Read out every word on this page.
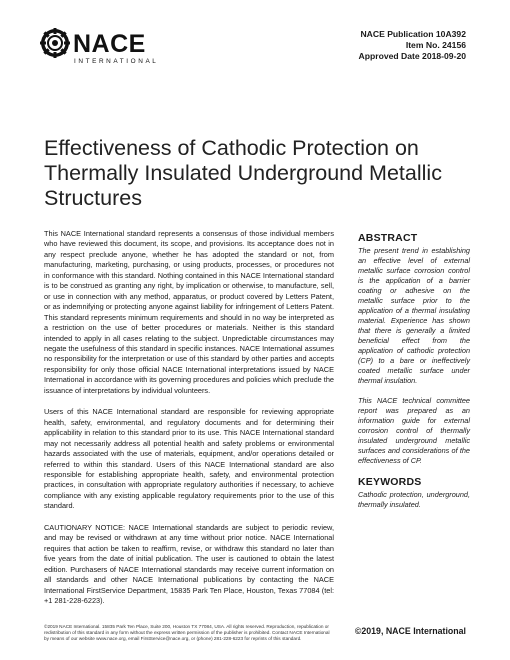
NACE
INTERNATIONAL
NACE Publication 10A392
Item No. 24156
Approved Date 2018-09-20
Effectiveness of Cathodic Protection on Thermally Insulated Underground Metallic Structures

This NACE International standard represents a consensus of those individual members who have reviewed this document, its scope, and provisions. Its acceptance does not in any respect preclude anyone, whether he has adopted the standard or not, from manufacturing, marketing, purchasing, or using products, processes, or procedures not in conformance with this standard. Nothing contained in this NACE International standard is to be construed as granting any right, by implication or otherwise, to manufacture, sell, or use in connection with any method, apparatus, or product covered by Letters Patent, or as indemnifying or protecting anyone against liability for infringement of Letters Patent. This standard represents minimum requirements and should in no way be interpreted as a restriction on the use of better procedures or materials. Neither is this standard intended to apply in all cases relating to the subject. Unpredictable circumstances may negate the usefulness of this standard in specific instances. NACE International assumes no responsibility for the interpretation or use of this standard by other parties and accepts responsibility for only those official NACE International interpretations issued by NACE International in accordance with its governing procedures and policies which preclude the issuance of interpretations by individual volunteers.

Users of this NACE International standard are responsible for reviewing appropriate health, safety, environmental, and regulatory documents and for determining their applicability in relation to this standard prior to its use. This NACE International standard may not necessarily address all potential health and safety problems or environmental hazards associated with the use of materials, equipment, and/or operations detailed or referred to within this standard. Users of this NACE International standard are also responsible for establishing appropriate health, safety, and environmental protection practices, in consultation with appropriate regulatory authorities if necessary, to achieve compliance with any existing applicable regulatory requirements prior to the use of this standard.

CAUTIONARY NOTICE: NACE International standards are subject to periodic review, and may be revised or withdrawn at any time without prior notice. NACE International requires that action be taken to reaffirm, revise, or withdraw this standard no later than five years from the date of initial publication. The user is cautioned to obtain the latest edition. Purchasers of NACE International standards may receive current information on all standards and other NACE International publications by contacting the NACE International FirstService Department, 15835 Park Ten Place, Houston, Texas 77084 (tel: +1 281-228-6223).

ABSTRACT

The present trend in establishing an effective level of external metallic surface corrosion control is the application of a barrier coating or adhesive on the metallic surface prior to the application of a thermal insulating material. Experience has shown that there is generally a limited beneficial effect from the application of cathodic protection (CP) to a bare or ineffectively coated metallic surface under thermal insulation.

This NACE technical committee report was prepared as an information guide for external corrosion control of thermally insulated underground metallic surfaces and considerations of the effectiveness of CP.

KEYWORDS

Cathodic protection, underground, thermally insulated.

©2019 NACE International. 15835 Park Ten Place, Suite 200, Houston TX 77084, USA. All rights reserved. Reproduction, republication or redistribution of this standard in any form without the express written permission of the publisher is prohibited. Contact NACE International by means of our website www.nace.org, email FirstService@nace.org, or (phone) 281-228-6223 for reprints of this standard.
©2019, NACE International
